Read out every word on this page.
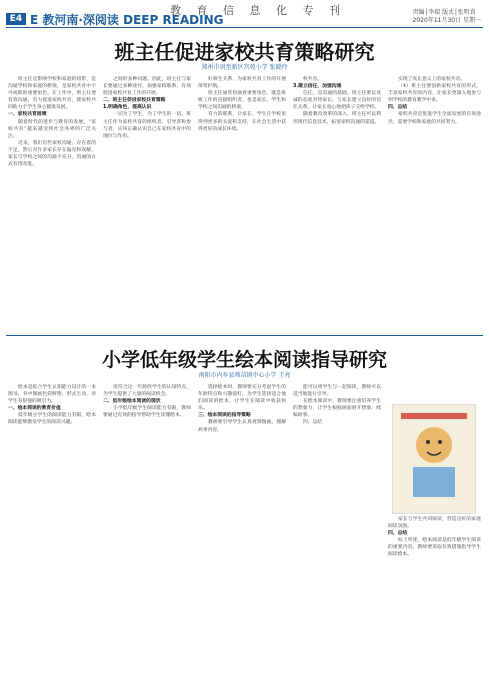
教 育 信 息 化 专 刊
E4 E 教河南·深阅读 DEEP READING
责编│李瑞 版式│张明真
2020年11月30日 星期一
班主任促进家校共育策略研究
郑州市羽至新区宫苑小学 张晓玲

班主任是影响学校和家庭的纽带，是沟通学校和家庭的桥梁，是家校共育中不可或缺的重要角色。在工作中，班主任要有效沟通，有力促进家校共育，使家校共同助力于学生身心健康发展。

一、家校共育困境

随着时代的进步与教育的发展，“家校共育”越来越受到社会各界的广泛关注。

近来，我们有些家校沟通，存在着的不足，然后对许多家长存在偏见和误解，家长与学校之间的沟通不充分，沟通的方式有待改进。

之间的多种问题。因此，班主任与家长要通过多种途径，加强家校联系，有效促进家校共育工作的开展。

二、班主任促进家校共育策略

1.明确角色，提高认识

一切为了学生，为了学生的一切。班主任作为家校共育的组织者、引导者和参与者，应该正确认识自己在家校共育中的地位与作用。

好师生关系，为家校共育工作的开展保驾护航。

班主任通常扮演着重要角色，既是班级工作的直接组织者，也是家长、学生和学校之间沟通的桥梁。

有力的联系，让家长、学生在学校里得到更多的关爱和支持，在社会生活中获得更好的成长环境。

校共育。

3.建立信任，加强沟通

信任，是沟通的基础。班主任要以真诚的态度对待家长，与家长建立良好的信任关系，让家长放心地把孩子交给学校。

随着教育改革的深入，班主任可以利用现代信息技术，拓宽家校沟通的渠道。

实现了真正意义上的家校共育。

（4）班主任要创新家校共育的形式，丰富家校共育的内容，让家长更深入地参与到学校的教育教学中来。

四、总结

家校共育是促进学生全面发展的有效途径，需要学校和家庭的共同努力。

小学低年级学生绘本阅读指导研究
南阳市内乡县师苗镇中心小学 王亮

绘本是综合学生认知能力设计的一本图书，书中图画色彩鲜艳，形式生动，对学生有很强的吸引力。

一、绘本阅读的教育价值

低年级小学生的阅读能力有限，绘本阅读能够激发学生的阅读兴趣。

述符合这一年龄段学生的认知特点，为学生提供了大量的阅读机会。

二、低年级绘本阅读的现状

小学低年级学生阅读能力有限，教师要通过有效的指导帮助学生读懂绘本。

选择绘本时，教师要充分考虑学生的年龄特点和兴趣爱好，为学生选择适合他们阅读的绘本，让学生在阅读中收获快乐。

三、绘本阅读的指导策略

教师要引导学生认真观察图画，理解故事内容。

能可以将学生与一起阅读，教师可以适当地进行引导。

在绘本阅读中，教师要注重培养学生的想象力，让学生根据画面展开想象，续编故事。

四、总结

家长与学生共同阅读，营造良好的家庭阅读氛围。

四、总结

综上所述，绘本阅读是低年级学生阅读的重要内容，教师要采取有效措施指导学生阅读绘本。
